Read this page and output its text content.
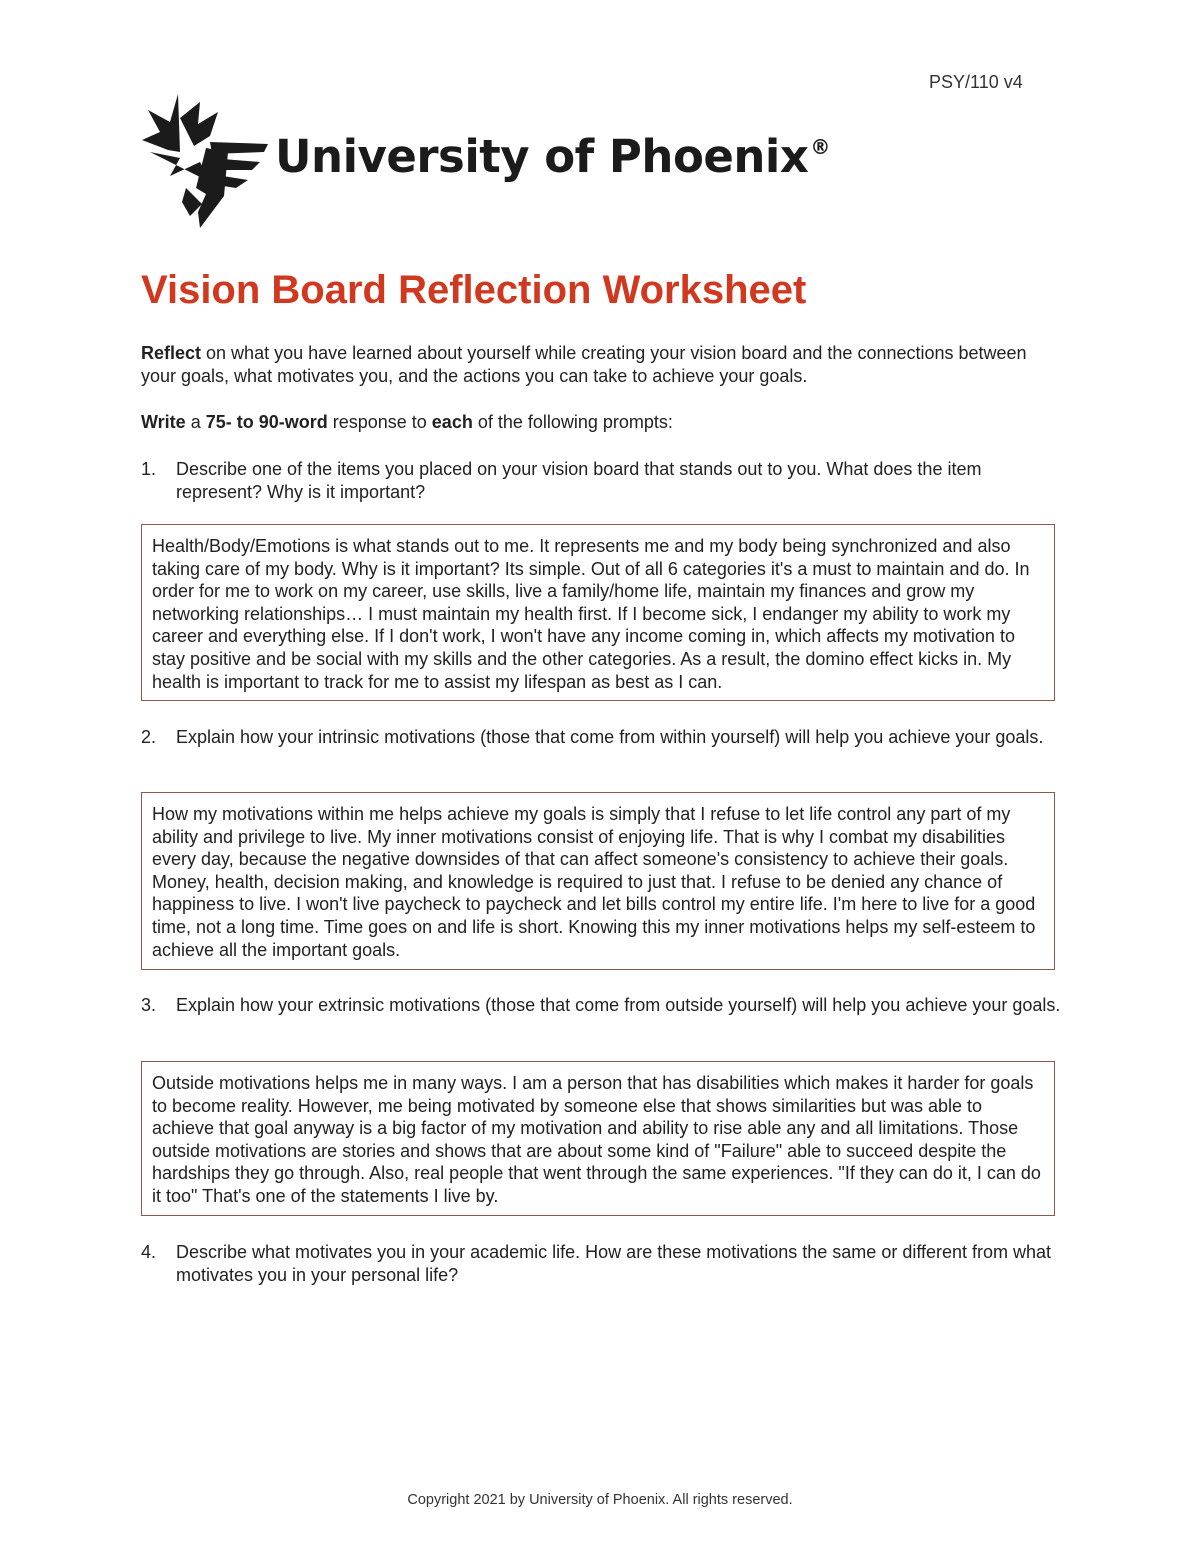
PSY/110 v4
University of Phoenix ®
Vision Board Reflection Worksheet
Reflect on what you have learned about yourself while creating your vision board and the connections between your goals, what motivates you, and the actions you can take to achieve your goals.
Write a 75- to 90-word response to each of the following prompts:
1.	Describe one of the items you placed on your vision board that stands out to you. What does the item represent? Why is it important?
Health/Body/Emotions is what stands out to me. It represents me and my body being synchronized and also taking care of my body. Why is it important? Its simple. Out of all 6 categories it's a must to maintain and do. In order for me to work on my career, use skills, live a family/home life, maintain my finances and grow my networking relationships… I must maintain my health first. If I become sick, I endanger my ability to work my career and everything else. If I don't work, I won't have any income coming in, which affects my motivation to stay positive and be social with my skills and the other categories. As a result, the domino effect kicks in. My health is important to track for me to assist my lifespan as best as I can.
2.	Explain how your intrinsic motivations (those that come from within yourself) will help you achieve your goals.
How my motivations within me helps achieve my goals is simply that I refuse to let life control any part of my ability and privilege to live. My inner motivations consist of enjoying life. That is why I combat my disabilities every day, because the negative downsides of that can affect someone's consistency to achieve their goals. Money, health, decision making, and knowledge is required to just that. I refuse to be denied any chance of happiness to live. I won't live paycheck to paycheck and let bills control my entire life. I'm here to live for a good time, not a long time. Time goes on and life is short. Knowing this my inner motivations helps my self-esteem to achieve all the important goals.
3.	Explain how your extrinsic motivations (those that come from outside yourself) will help you achieve your goals.
Outside motivations helps me in many ways. I am a person that has disabilities which makes it harder for goals to become reality. However, me being motivated by someone else that shows similarities but was able to achieve that goal anyway is a big factor of my motivation and ability to rise able any and all limitations. Those outside motivations are stories and shows that are about some kind of "Failure" able to succeed despite the hardships they go through. Also, real people that went through the same experiences. "If they can do it, I can do it too" That's one of the statements I live by.
4.	Describe what motivates you in your academic life. How are these motivations the same or different from what motivates you in your personal life?
Copyright 2021 by University of Phoenix. All rights reserved.
